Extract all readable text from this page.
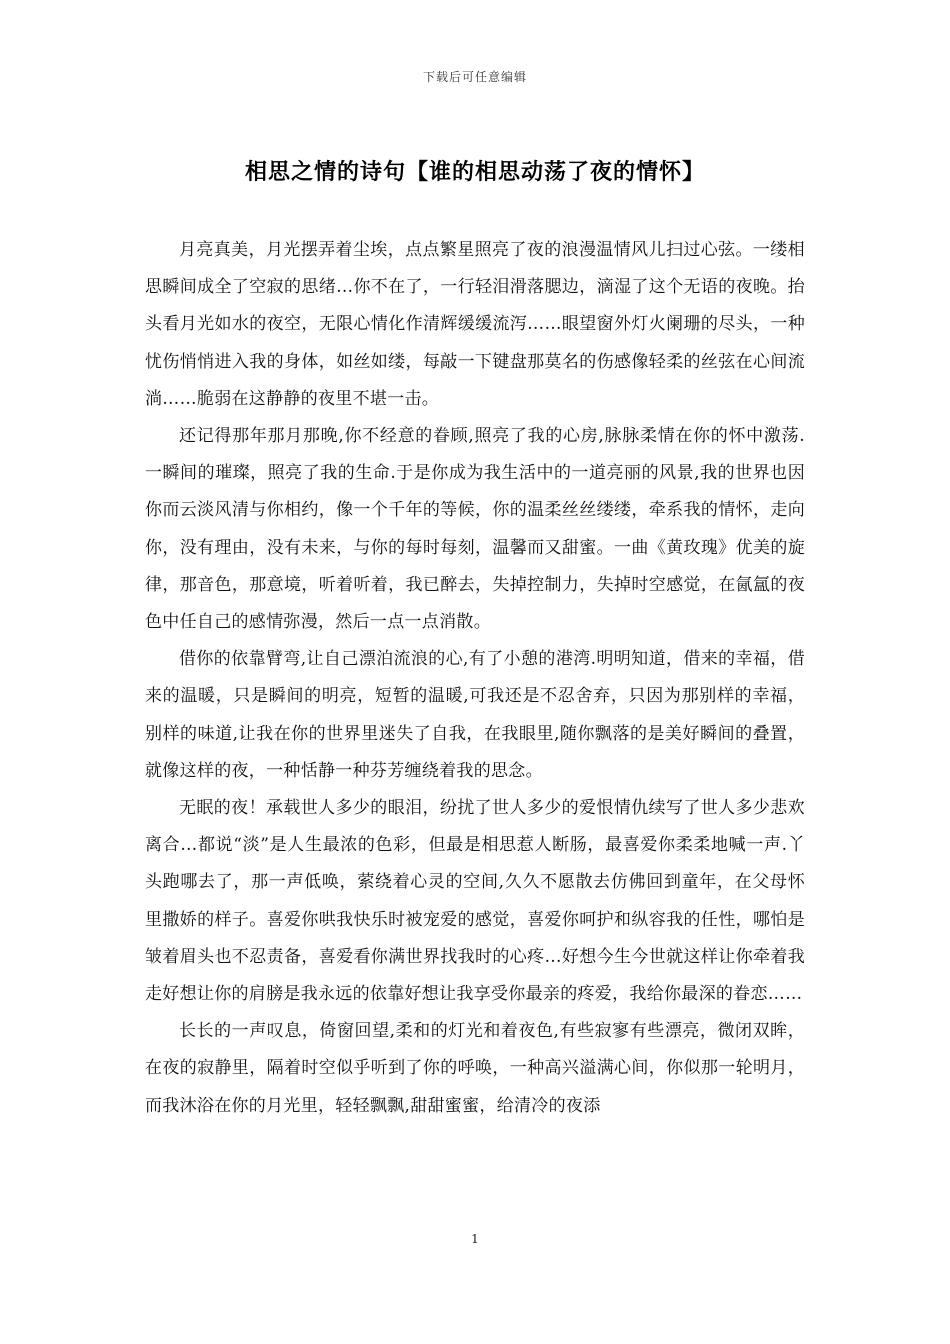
下载后可任意编辑
相思之情的诗句【谁的相思动荡了夜的情怀】

月亮真美，月光摆弄着尘埃，点点繁星照亮了夜的浪漫温情风儿扫过心弦。一缕相思瞬间成全了空寂的思绪…你不在了，一行轻泪滑落腮边，滴湿了这个无语的夜晚。抬头看月光如水的夜空，无限心情化作清辉缓缓流泻……眼望窗外灯火阑珊的尽头，一种忧伤悄悄进入我的身体，如丝如缕，每敲一下键盘那莫名的伤感像轻柔的丝弦在心间流淌……脆弱在这静静的夜里不堪一击。

还记得那年那月那晚,你不经意的眷顾,照亮了我的心房,脉脉柔情在你的怀中激荡.一瞬间的璀璨，照亮了我的生命.于是你成为我生活中的一道亮丽的风景,我的世界也因你而云淡风清与你相约，像一个千年的等候，你的温柔丝丝缕缕，牵系我的情怀，走向你，没有理由，没有未来，与你的每时每刻，温馨而又甜蜜。一曲《黄玫瑰》优美的旋律，那音色，那意境，听着听着，我已醉去，失掉控制力，失掉时空感觉，在氤氲的夜色中任自己的感情弥漫，然后一点一点消散。

借你的依靠臂弯,让自己漂泊流浪的心,有了小憩的港湾.明明知道，借来的幸福，借来的温暖，只是瞬间的明亮，短暂的温暖,可我还是不忍舍弃，只因为那别样的幸福，别样的味道,让我在你的世界里迷失了自我，在我眼里,随你飘落的是美好瞬间的叠置，就像这样的夜，一种恬静一种芬芳缠绕着我的思念。

无眠的夜！承载世人多少的眼泪，纷扰了世人多少的爱恨情仇续写了世人多少悲欢离合…都说“淡”是人生最浓的色彩，但最是相思惹人断肠，最喜爱你柔柔地喊一声.丫头跑哪去了，那一声低唤，萦绕着心灵的空间,久久不愿散去仿佛回到童年，在父母怀里撒娇的样子。喜爱你哄我快乐时被宠爱的感觉，喜爱你呵护和纵容我的任性，哪怕是皱着眉头也不忍责备，喜爱看你满世界找我时的心疼…好想今生今世就这样让你牵着我走好想让你的肩膀是我永远的依靠好想让我享受你最亲的疼爱，我给你最深的眷恋……

长长的一声叹息，倚窗回望,柔和的灯光和着夜色,有些寂寥有些漂亮，微闭双眸，在夜的寂静里，隔着时空似乎听到了你的呼唤，一种高兴溢满心间，你似那一轮明月，而我沐浴在你的月光里，轻轻飘飘,甜甜蜜蜜，给清冷的夜添

1
